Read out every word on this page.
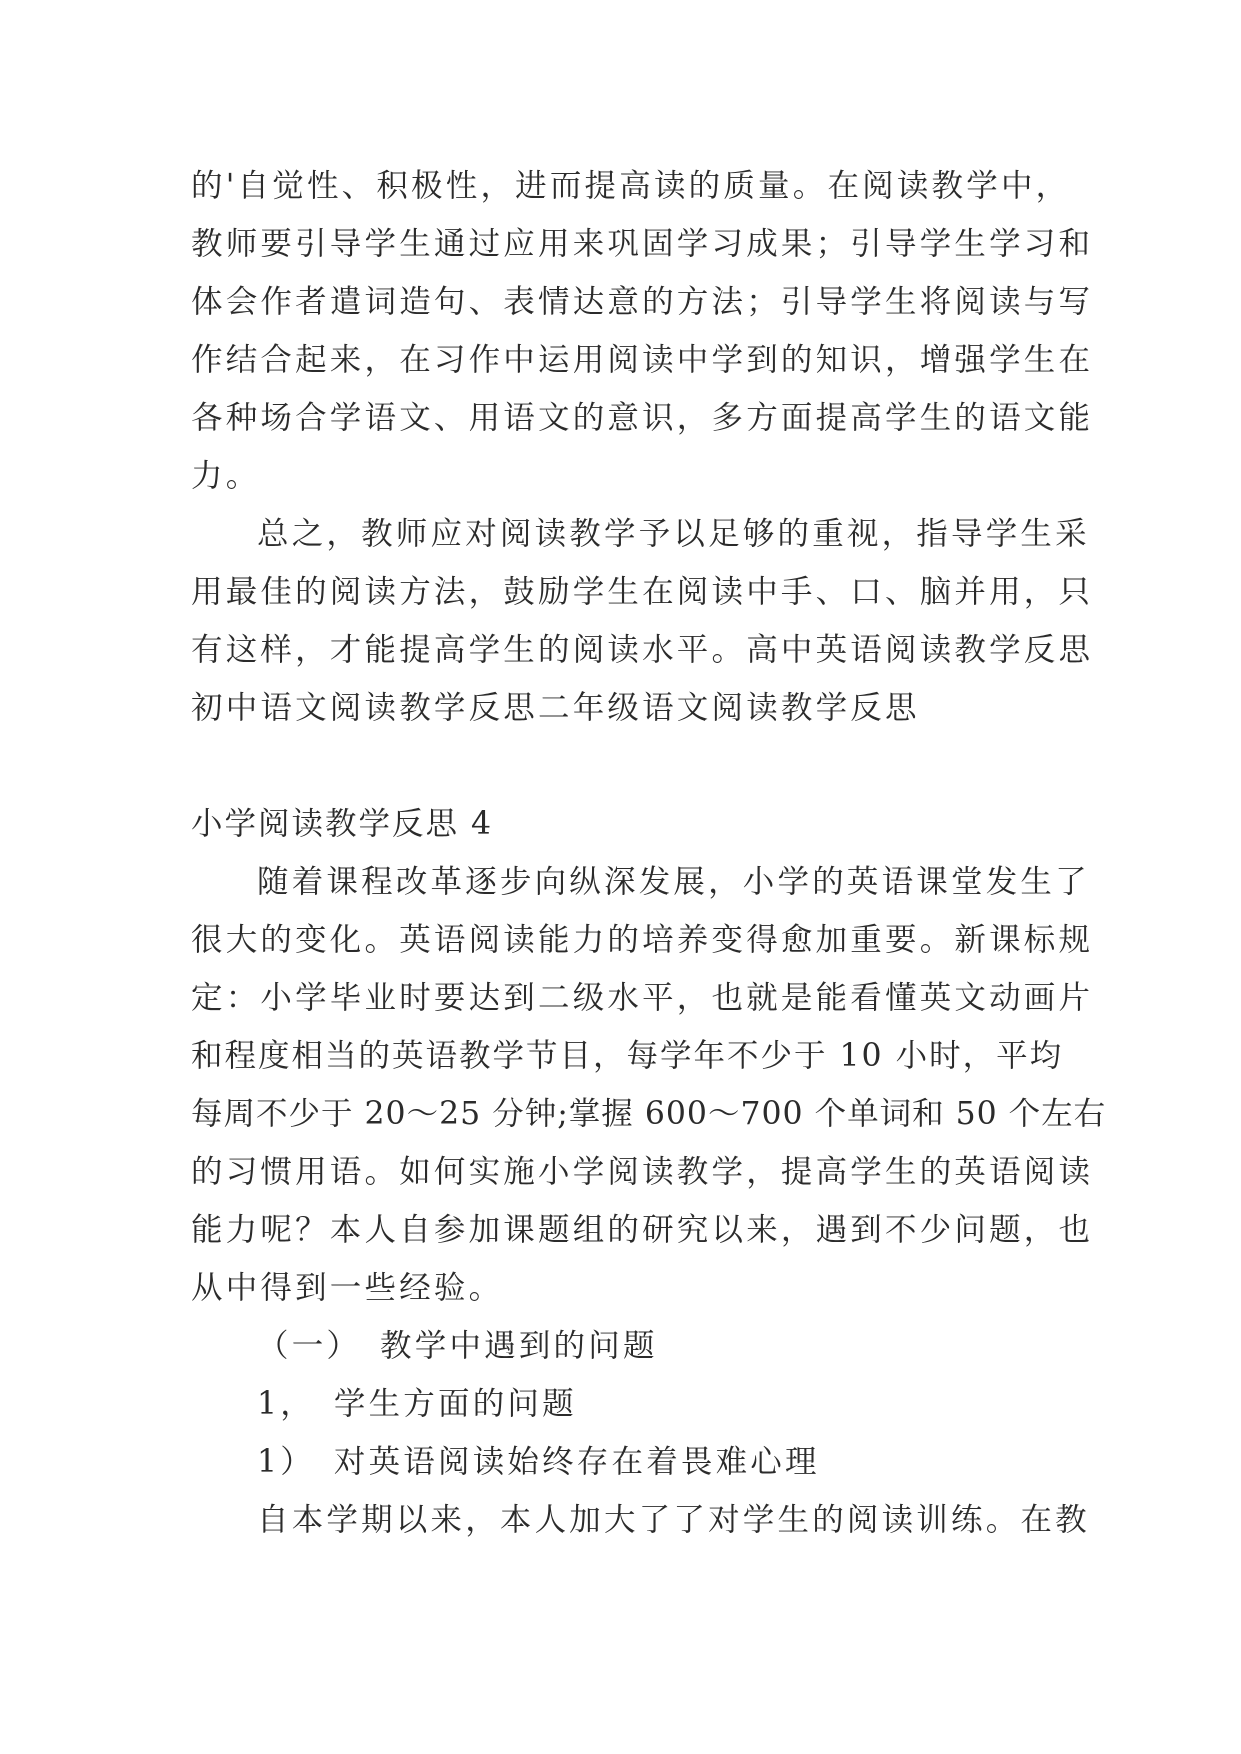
的'自觉性、积极性，进而提高读的质量。在阅读教学中，
教师要引导学生通过应用来巩固学习成果；引导学生学习和
体会作者遣词造句、表情达意的方法；引导学生将阅读与写
作结合起来，在习作中运用阅读中学到的知识，增强学生在
各种场合学语文、用语文的意识，多方面提高学生的语文能
力。
总之，教师应对阅读教学予以足够的重视，指导学生采
用最佳的阅读方法，鼓励学生在阅读中手、口、脑并用，只
有这样，才能提高学生的阅读水平。高中英语阅读教学反思
初中语文阅读教学反思二年级语文阅读教学反思
小学阅读教学反思 4
随着课程改革逐步向纵深发展，小学的英语课堂发生了
很大的变化。英语阅读能力的培养变得愈加重要。新课标规
定：小学毕业时要达到二级水平，也就是能看懂英文动画片
和程度相当的英语教学节目，每学年不少于 10 小时，平均
每周不少于 20～25 分钟;掌握 600～700 个单词和 50 个左右
的习惯用语。如何实施小学阅读教学，提高学生的英语阅读
能力呢？本人自参加课题组的研究以来，遇到不少问题，也
从中得到一些经验。
（一）　教学中遇到的问题
1，　学生方面的问题
1）　对英语阅读始终存在着畏难心理
自本学期以来，本人加大了了对学生的阅读训练。在教
